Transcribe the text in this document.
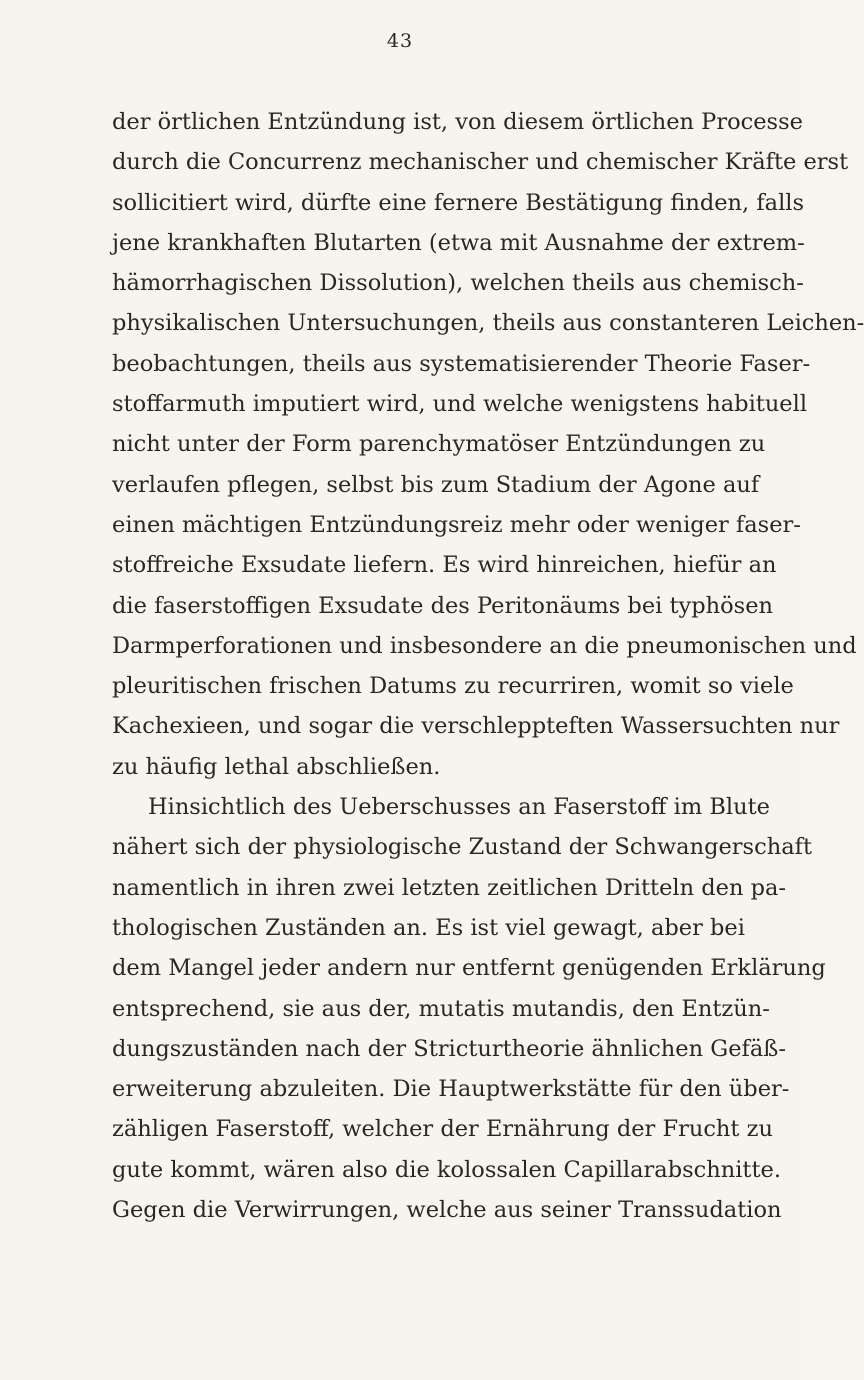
43
der örtlichen Entzündung ist, von diesem örtlichen Processe
durch die Concurrenz mechanischer und chemischer Kräfte erst
sollicitiert wird, dürfte eine fernere Bestätigung finden, falls
jene krankhaften Blutarten (etwa mit Ausnahme der extrem-
hämorrhagischen Dissolution), welchen theils aus chemisch-
physikalischen Untersuchungen, theils aus constanteren Leichen-
beobachtungen, theils aus systematisierender Theorie Faser-
stoffarmuth imputiert wird, und welche wenigstens habituell
nicht unter der Form parenchymatöser Entzündungen zu
verlaufen pflegen, selbst bis zum Stadium der Agone auf
einen mächtigen Entzündungsreiz mehr oder weniger faser-
stoffreiche Exsudate liefern. Es wird hinreichen, hiefür an
die faserstoffigen Exsudate des Peritonäums bei typhösen
Darmperforationen und insbesondere an die pneumonischen und
pleuritischen frischen Datums zu recurriren, womit so viele
Kachexieen, und sogar die verschleppteften Wassersuchten nur
zu häufig lethal abschließen.
Hinsichtlich des Ueberschusses an Faserstoff im Blute
nähert sich der physiologische Zustand der Schwangerschaft
namentlich in ihren zwei letzten zeitlichen Dritteln den pa-
thologischen Zuständen an. Es ist viel gewagt, aber bei
dem Mangel jeder andern nur entfernt genügenden Erklärung
entsprechend, sie aus der, mutatis mutandis, den Entzün-
dungszuständen nach der Stricturtheorie ähnlichen Gefäß-
erweiterung abzuleiten. Die Hauptwerkstätte für den über-
zähligen Faserstoff, welcher der Ernährung der Frucht zu
gute kommt, wären also die kolossalen Capillarabschnitte.
Gegen die Verwirrungen, welche aus seiner Transsudation
